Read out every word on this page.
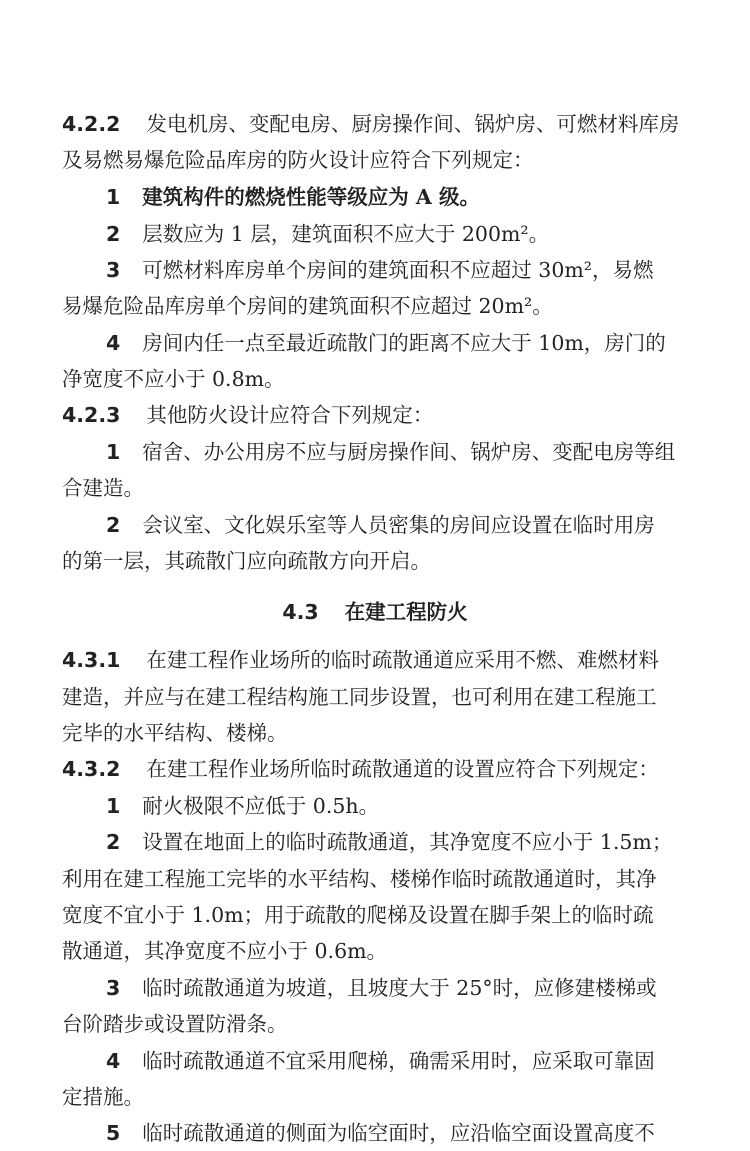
4.2.2 发电机房、变配电房、厨房操作间、锅炉房、可燃材料库房
及易燃易爆危险品库房的防火设计应符合下列规定：
1 建筑构件的燃烧性能等级应为 A 级。
2 层数应为 1 层，建筑面积不应大于 200m²。
3 可燃材料库房单个房间的建筑面积不应超过 30m²，易燃
易爆危险品库房单个房间的建筑面积不应超过 20m²。
4 房间内任一点至最近疏散门的距离不应大于 10m，房门的
净宽度不应小于 0.8m。
4.2.3 其他防火设计应符合下列规定：
1 宿舍、办公用房不应与厨房操作间、锅炉房、变配电房等组
合建造。
2 会议室、文化娱乐室等人员密集的房间应设置在临时用房
的第一层，其疏散门应向疏散方向开启。
4.3 在建工程防火
4.3.1 在建工程作业场所的临时疏散通道应采用不燃、难燃材料
建造，并应与在建工程结构施工同步设置，也可利用在建工程施工
完毕的水平结构、楼梯。
4.3.2 在建工程作业场所临时疏散通道的设置应符合下列规定：
1 耐火极限不应低于 0.5h。
2 设置在地面上的临时疏散通道，其净宽度不应小于 1.5m；
利用在建工程施工完毕的水平结构、楼梯作临时疏散通道时，其净
宽度不宜小于 1.0m；用于疏散的爬梯及设置在脚手架上的临时疏
散通道，其净宽度不应小于 0.6m。
3 临时疏散通道为坡道，且坡度大于 25°时，应修建楼梯或
台阶踏步或设置防滑条。
4 临时疏散通道不宜采用爬梯，确需采用时，应采取可靠固
定措施。
5 临时疏散通道的侧面为临空面时，应沿临空面设置高度不
